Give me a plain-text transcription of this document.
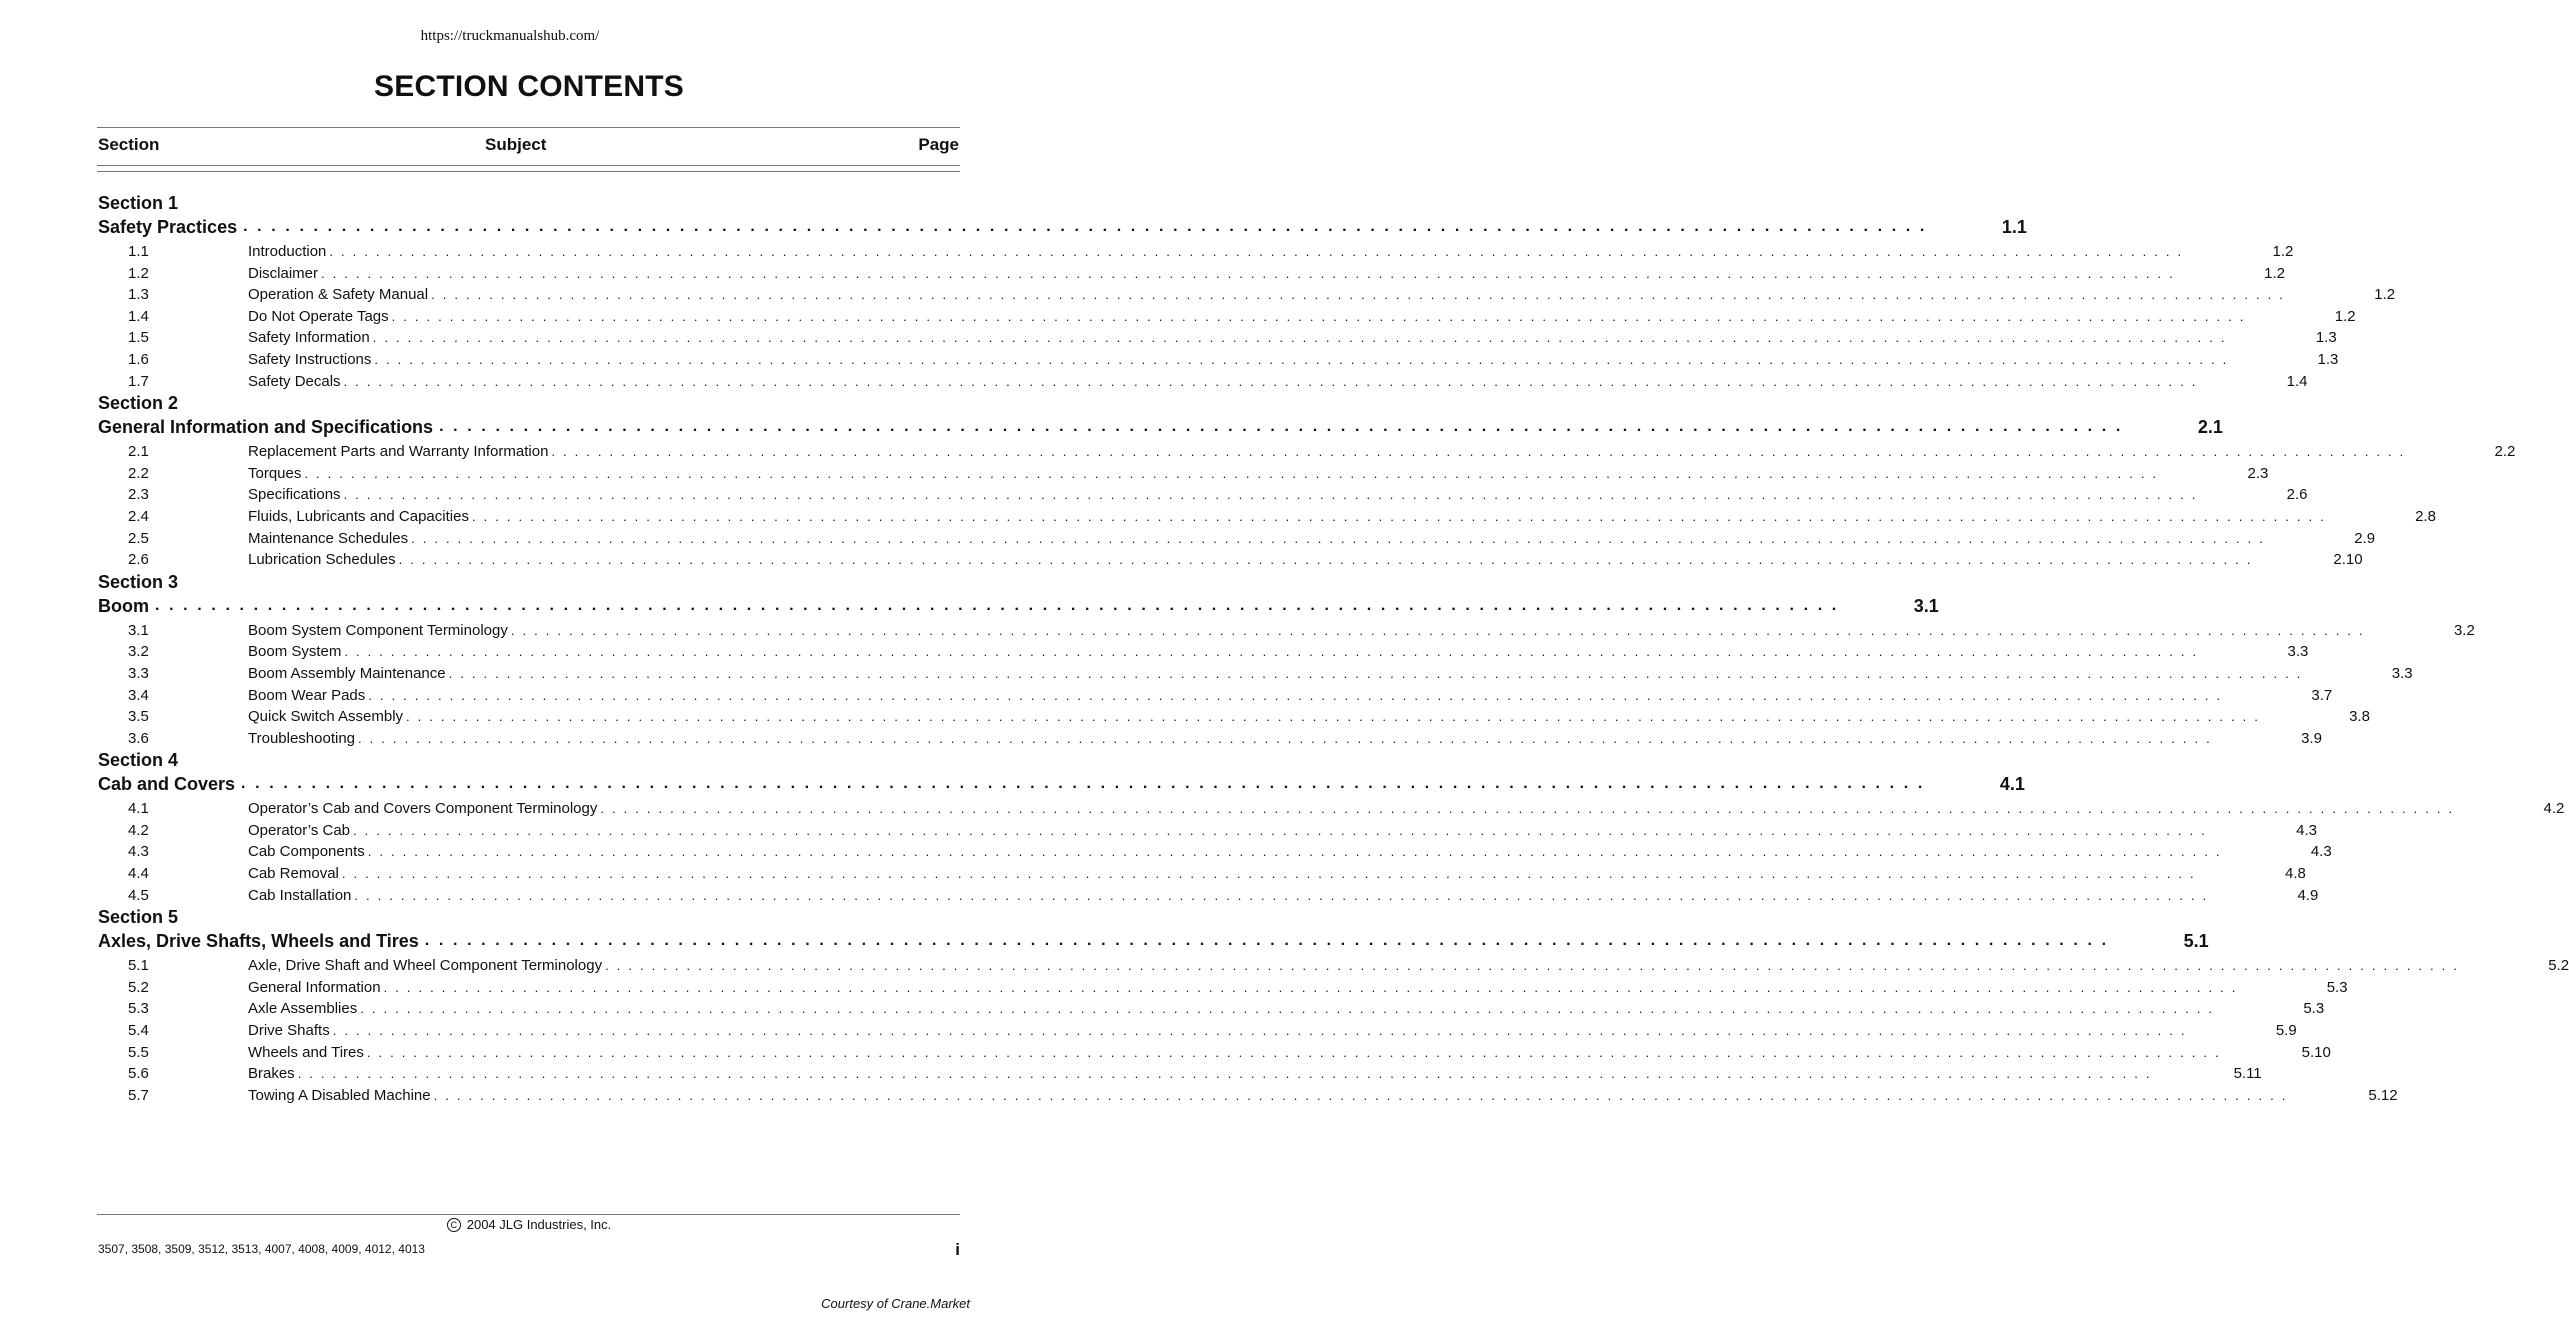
https://truckmanualshub.com/
SECTION CONTENTS
Section	Subject	Page
Section 1
Safety Practices . . . . . . . . . . . . . . . . . . . . . . . . . . . . . . . . . . . . . . . . . . . . . . . . . . . . . . . . . . . . . . . . . . . . . . . . . . . . . . . . . . . . . . . . . . . . . . . . . . . . . . . . . . . . . . . . . . . . . . . .	1.1
1.1	Introduction . . . . . . . . . . . . . . . . . . . . . . . . . . . . . . . . . . . . . . . . . . . . . . . . . . . . . . . . . . . . . . . . . . . . . . . . . . . . . . . . . . . . . . . . . . . . . . . . . . . . . . . . . . . . . . . . . . . . . . . . . . . . . . . . . . . . . . . . . . . . . . . . . . . . . . . . . . . . . . . .	1.2
1.2	Disclaimer . . . . . . . . . . . . . . . . . . . . . . . . . . . . . . . . . . . . . . . . . . . . . . . . . . . . . . . . . . . . . . . . . . . . . . . . . . . . . . . . . . . . . . . . . . . . . . . . . . . . . . . . . . . . . . . . . . . . . . . . . . . . . . . . . . . . . . . . . . . . . . . . . . . . . . . . . . . . . . . .	1.2
1.3	Operation & Safety Manual . . . . . . . . . . . . . . . . . . . . . . . . . . . . . . . . . . . . . . . . . . . . . . . . . . . . . . . . . . . . . . . . . . . . . . . . . . . . . . . . . . . . . . . . . . . . . . . . . . . . . . . . . . . . . . . . . . . . . . . . . . . . . . . . . . . . . . . . . . . . . . . . . . . . . . . . . . . . . . . .	1.2
1.4	Do Not Operate Tags . . . . . . . . . . . . . . . . . . . . . . . . . . . . . . . . . . . . . . . . . . . . . . . . . . . . . . . . . . . . . . . . . . . . . . . . . . . . . . . . . . . . . . . . . . . . . . . . . . . . . . . . . . . . . . . . . . . . . . . . . . . . . . . . . . . . . . . . . . . . . . . . . . . . . . . . . . . . . . . .	1.2
1.5	Safety Information . . . . . . . . . . . . . . . . . . . . . . . . . . . . . . . . . . . . . . . . . . . . . . . . . . . . . . . . . . . . . . . . . . . . . . . . . . . . . . . . . . . . . . . . . . . . . . . . . . . . . . . . . . . . . . . . . . . . . . . . . . . . . . . . . . . . . . . . . . . . . . . . . . . . . . . . . . . . . . . .	1.3
1.6	Safety Instructions . . . . . . . . . . . . . . . . . . . . . . . . . . . . . . . . . . . . . . . . . . . . . . . . . . . . . . . . . . . . . . . . . . . . . . . . . . . . . . . . . . . . . . . . . . . . . . . . . . . . . . . . . . . . . . . . . . . . . . . . . . . . . . . . . . . . . . . . . . . . . . . . . . . . . . . . . . . . . . . .	1.3
1.7	Safety Decals . . . . . . . . . . . . . . . . . . . . . . . . . . . . . . . . . . . . . . . . . . . . . . . . . . . . . . . . . . . . . . . . . . . . . . . . . . . . . . . . . . . . . . . . . . . . . . . . . . . . . . . . . . . . . . . . . . . . . . . . . . . . . . . . . . . . . . . . . . . . . . . . . . . . . . . . . . . . . . . .	1.4
Section 2
General Information and Specifications . . . . . . . . . . . . . . . . . . . . . . . . . . . . . . . . . . . . . . . . . . . . . . . . . . . . . . . . . . . . . . . . . . . . . . . . . . . . . . . . . . . . . . . . . . . . . . . . . . . . . . . . . . . . . . . . . . . . . . . .	2.1
2.1	Replacement Parts and Warranty Information . . . . . . . . . . . . . . . . . . . . . . . . . . . . . . . . . . . . . . . . . . . . . . . . . . . . . . . . . . . . . . . . . . . . . . . . . . . . . . . . . . . . . . . . . . . . . . . . . . . . . . . . . . . . . . . . . . . . . . . . . . . . . . . . . . . . . . . . . . . . . . . . . . . . . . . . . . . . . . . .	2.2
2.2	Torques . . . . . . . . . . . . . . . . . . . . . . . . . . . . . . . . . . . . . . . . . . . . . . . . . . . . . . . . . . . . . . . . . . . . . . . . . . . . . . . . . . . . . . . . . . . . . . . . . . . . . . . . . . . . . . . . . . . . . . . . . . . . . . . . . . . . . . . . . . . . . . . . . . . . . . . . . . . . . . . .	2.3
2.3	Specifications . . . . . . . . . . . . . . . . . . . . . . . . . . . . . . . . . . . . . . . . . . . . . . . . . . . . . . . . . . . . . . . . . . . . . . . . . . . . . . . . . . . . . . . . . . . . . . . . . . . . . . . . . . . . . . . . . . . . . . . . . . . . . . . . . . . . . . . . . . . . . . . . . . . . . . . . . . . . . . . .	2.6
2.4	Fluids, Lubricants and Capacities . . . . . . . . . . . . . . . . . . . . . . . . . . . . . . . . . . . . . . . . . . . . . . . . . . . . . . . . . . . . . . . . . . . . . . . . . . . . . . . . . . . . . . . . . . . . . . . . . . . . . . . . . . . . . . . . . . . . . . . . . . . . . . . . . . . . . . . . . . . . . . . . . . . . . . . . . . . . . . . .	2.8
2.5	Maintenance Schedules . . . . . . . . . . . . . . . . . . . . . . . . . . . . . . . . . . . . . . . . . . . . . . . . . . . . . . . . . . . . . . . . . . . . . . . . . . . . . . . . . . . . . . . . . . . . . . . . . . . . . . . . . . . . . . . . . . . . . . . . . . . . . . . . . . . . . . . . . . . . . . . . . . . . . . . . . . . . . . . .	2.9
2.6	Lubrication Schedules . . . . . . . . . . . . . . . . . . . . . . . . . . . . . . . . . . . . . . . . . . . . . . . . . . . . . . . . . . . . . . . . . . . . . . . . . . . . . . . . . . . . . . . . . . . . . . . . . . . . . . . . . . . . . . . . . . . . . . . . . . . . . . . . . . . . . . . . . . . . . . . . . . . . . . . . . . . . . . . .	2.10
Section 3
Boom . . . . . . . . . . . . . . . . . . . . . . . . . . . . . . . . . . . . . . . . . . . . . . . . . . . . . . . . . . . . . . . . . . . . . . . . . . . . . . . . . . . . . . . . . . . . . . . . . . . . . . . . . . . . . . . . . . . . . . . .	3.1
3.1	Boom System Component Terminology . . . . . . . . . . . . . . . . . . . . . . . . . . . . . . . . . . . . . . . . . . . . . . . . . . . . . . . . . . . . . . . . . . . . . . . . . . . . . . . . . . . . . . . . . . . . . . . . . . . . . . . . . . . . . . . . . . . . . . . . . . . . . . . . . . . . . . . . . . . . . . . . . . . . . . . . . . . . . . . .	3.2
3.2	Boom System . . . . . . . . . . . . . . . . . . . . . . . . . . . . . . . . . . . . . . . . . . . . . . . . . . . . . . . . . . . . . . . . . . . . . . . . . . . . . . . . . . . . . . . . . . . . . . . . . . . . . . . . . . . . . . . . . . . . . . . . . . . . . . . . . . . . . . . . . . . . . . . . . . . . . . . . . . . . . . . .	3.3
3.3	Boom Assembly Maintenance . . . . . . . . . . . . . . . . . . . . . . . . . . . . . . . . . . . . . . . . . . . . . . . . . . . . . . . . . . . . . . . . . . . . . . . . . . . . . . . . . . . . . . . . . . . . . . . . . . . . . . . . . . . . . . . . . . . . . . . . . . . . . . . . . . . . . . . . . . . . . . . . . . . . . . . . . . . . . . . .	3.3
3.4	Boom Wear Pads . . . . . . . . . . . . . . . . . . . . . . . . . . . . . . . . . . . . . . . . . . . . . . . . . . . . . . . . . . . . . . . . . . . . . . . . . . . . . . . . . . . . . . . . . . . . . . . . . . . . . . . . . . . . . . . . . . . . . . . . . . . . . . . . . . . . . . . . . . . . . . . . . . . . . . . . . . . . . . . .	3.7
3.5	Quick Switch Assembly . . . . . . . . . . . . . . . . . . . . . . . . . . . . . . . . . . . . . . . . . . . . . . . . . . . . . . . . . . . . . . . . . . . . . . . . . . . . . . . . . . . . . . . . . . . . . . . . . . . . . . . . . . . . . . . . . . . . . . . . . . . . . . . . . . . . . . . . . . . . . . . . . . . . . . . . . . . . . . . .	3.8
3.6	Troubleshooting . . . . . . . . . . . . . . . . . . . . . . . . . . . . . . . . . . . . . . . . . . . . . . . . . . . . . . . . . . . . . . . . . . . . . . . . . . . . . . . . . . . . . . . . . . . . . . . . . . . . . . . . . . . . . . . . . . . . . . . . . . . . . . . . . . . . . . . . . . . . . . . . . . . . . . . . . . . . . . . .	3.9
Section 4
Cab and Covers . . . . . . . . . . . . . . . . . . . . . . . . . . . . . . . . . . . . . . . . . . . . . . . . . . . . . . . . . . . . . . . . . . . . . . . . . . . . . . . . . . . . . . . . . . . . . . . . . . . . . . . . . . . . . . . . . . . . . . . .	4.1
4.1	Operator’s Cab and Covers Component Terminology . . . . . . . . . . . . . . . . . . . . . . . . . . . . . . . . . . . . . . . . . . . . . . . . . . . . . . . . . . . . . . . . . . . . . . . . . . . . . . . . . . . . . . . . . . . . . . . . . . . . . . . . . . . . . . . . . . . . . . . . . . . . . . . . . . . . . . . . . . . . . . . . . . . . . . . . . . . . . . . .	4.2
4.2	Operator’s Cab . . . . . . . . . . . . . . . . . . . . . . . . . . . . . . . . . . . . . . . . . . . . . . . . . . . . . . . . . . . . . . . . . . . . . . . . . . . . . . . . . . . . . . . . . . . . . . . . . . . . . . . . . . . . . . . . . . . . . . . . . . . . . . . . . . . . . . . . . . . . . . . . . . . . . . . . . . . . . . . .	4.3
4.3	Cab Components . . . . . . . . . . . . . . . . . . . . . . . . . . . . . . . . . . . . . . . . . . . . . . . . . . . . . . . . . . . . . . . . . . . . . . . . . . . . . . . . . . . . . . . . . . . . . . . . . . . . . . . . . . . . . . . . . . . . . . . . . . . . . . . . . . . . . . . . . . . . . . . . . . . . . . . . . . . . . . . .	4.3
4.4	Cab Removal . . . . . . . . . . . . . . . . . . . . . . . . . . . . . . . . . . . . . . . . . . . . . . . . . . . . . . . . . . . . . . . . . . . . . . . . . . . . . . . . . . . . . . . . . . . . . . . . . . . . . . . . . . . . . . . . . . . . . . . . . . . . . . . . . . . . . . . . . . . . . . . . . . . . . . . . . . . . . . . .	4.8
4.5	Cab Installation . . . . . . . . . . . . . . . . . . . . . . . . . . . . . . . . . . . . . . . . . . . . . . . . . . . . . . . . . . . . . . . . . . . . . . . . . . . . . . . . . . . . . . . . . . . . . . . . . . . . . . . . . . . . . . . . . . . . . . . . . . . . . . . . . . . . . . . . . . . . . . . . . . . . . . . . . . . . . . . .	4.9
Section 5
Axles, Drive Shafts, Wheels and Tires . . . . . . . . . . . . . . . . . . . . . . . . . . . . . . . . . . . . . . . . . . . . . . . . . . . . . . . . . . . . . . . . . . . . . . . . . . . . . . . . . . . . . . . . . . . . . . . . . . . . . . . . . . . . . . . . . . . . . . . .	5.1
5.1	Axle, Drive Shaft and Wheel Component Terminology . . . . . . . . . . . . . . . . . . . . . . . . . . . . . . . . . . . . . . . . . . . . . . . . . . . . . . . . . . . . . . . . . . . . . . . . . . . . . . . . . . . . . . . . . . . . . . . . . . . . . . . . . . . . . . . . . . . . . . . . . . . . . . . . . . . . . . . . . . . . . . . . . . . . . . . . . . . . . . . .	5.2
5.2	General Information . . . . . . . . . . . . . . . . . . . . . . . . . . . . . . . . . . . . . . . . . . . . . . . . . . . . . . . . . . . . . . . . . . . . . . . . . . . . . . . . . . . . . . . . . . . . . . . . . . . . . . . . . . . . . . . . . . . . . . . . . . . . . . . . . . . . . . . . . . . . . . . . . . . . . . . . . . . . . . . .	5.3
5.3	Axle Assemblies . . . . . . . . . . . . . . . . . . . . . . . . . . . . . . . . . . . . . . . . . . . . . . . . . . . . . . . . . . . . . . . . . . . . . . . . . . . . . . . . . . . . . . . . . . . . . . . . . . . . . . . . . . . . . . . . . . . . . . . . . . . . . . . . . . . . . . . . . . . . . . . . . . . . . . . . . . . . . . . .	5.3
5.4	Drive Shafts . . . . . . . . . . . . . . . . . . . . . . . . . . . . . . . . . . . . . . . . . . . . . . . . . . . . . . . . . . . . . . . . . . . . . . . . . . . . . . . . . . . . . . . . . . . . . . . . . . . . . . . . . . . . . . . . . . . . . . . . . . . . . . . . . . . . . . . . . . . . . . . . . . . . . . . . . . . . . . . .	5.9
5.5	Wheels and Tires . . . . . . . . . . . . . . . . . . . . . . . . . . . . . . . . . . . . . . . . . . . . . . . . . . . . . . . . . . . . . . . . . . . . . . . . . . . . . . . . . . . . . . . . . . . . . . . . . . . . . . . . . . . . . . . . . . . . . . . . . . . . . . . . . . . . . . . . . . . . . . . . . . . . . . . . . . . . . . . .	5.10
5.6	Brakes . . . . . . . . . . . . . . . . . . . . . . . . . . . . . . . . . . . . . . . . . . . . . . . . . . . . . . . . . . . . . . . . . . . . . . . . . . . . . . . . . . . . . . . . . . . . . . . . . . . . . . . . . . . . . . . . . . . . . . . . . . . . . . . . . . . . . . . . . . . . . . . . . . . . . . . . . . . . . . . .	5.11
5.7	Towing A Disabled Machine . . . . . . . . . . . . . . . . . . . . . . . . . . . . . . . . . . . . . . . . . . . . . . . . . . . . . . . . . . . . . . . . . . . . . . . . . . . . . . . . . . . . . . . . . . . . . . . . . . . . . . . . . . . . . . . . . . . . . . . . . . . . . . . . . . . . . . . . . . . . . . . . . . . . . . . . . . . . . . . .	5.12
C 2004 JLG Industries, Inc.
3507, 3508, 3509, 3512, 3513, 4007, 4008, 4009, 4012, 4013	i
Courtesy of Crane.Market
